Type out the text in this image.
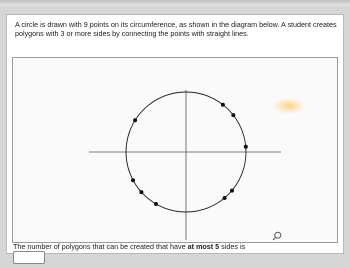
A circle is drawn with 9 points on its circumference, as shown in the diagram below. A student creates polygons with 3 or more sides by connecting the points with straight lines.
The number of polygons that can be created that have at most 5 sides is
